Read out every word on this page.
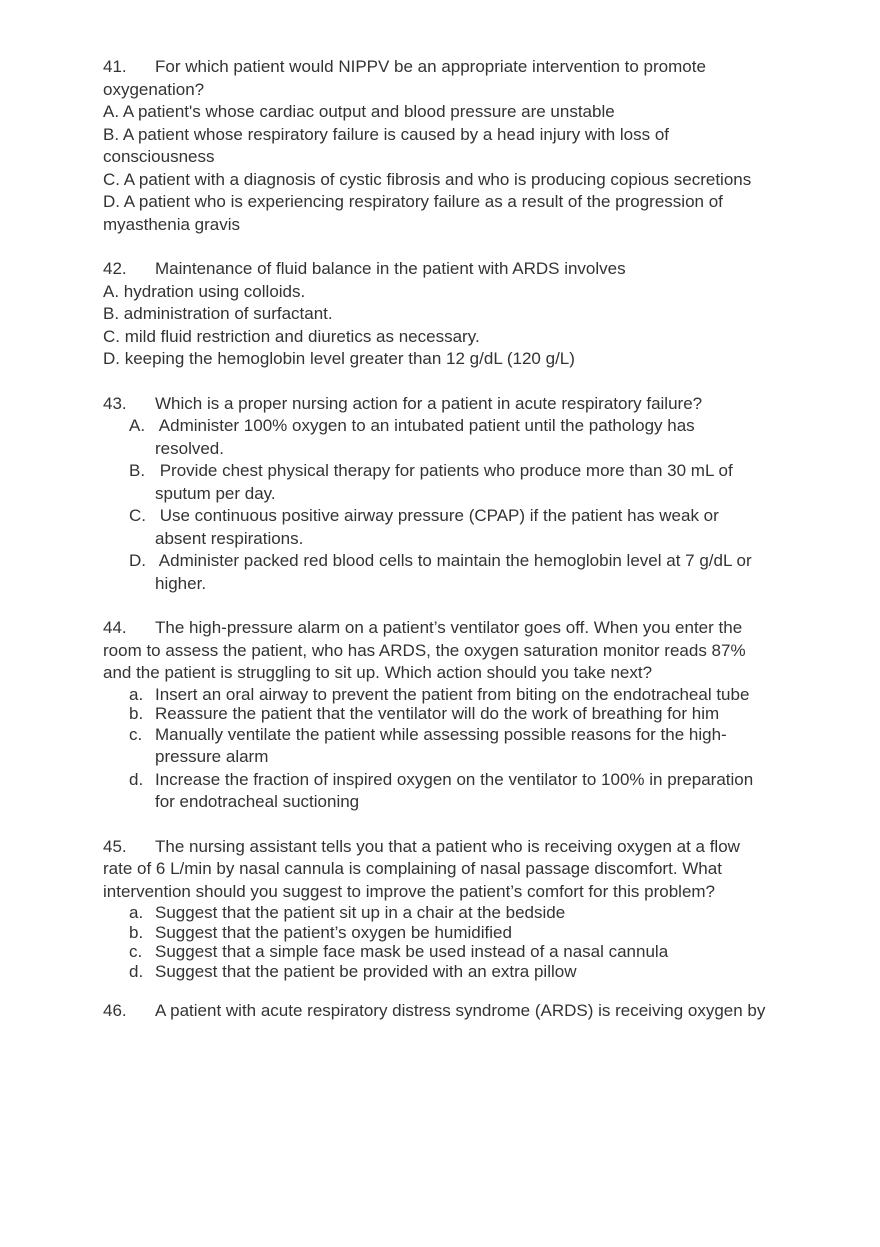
41. For which patient would NIPPV be an appropriate intervention to promote

oxygenation?

A. A patient's whose cardiac output and blood pressure are unstable

B. A patient whose respiratory failure is caused by a head injury with loss of

consciousness

C. A patient with a diagnosis of cystic fibrosis and who is producing copious secretions

D. A patient who is experiencing respiratory failure as a result of the progression of

myasthenia gravis

42. Maintenance of fluid balance in the patient with ARDS involves

A. hydration using colloids.

B. administration of surfactant.

C. mild fluid restriction and diuretics as necessary.

D. keeping the hemoglobin level greater than 12 g/dL (120 g/L)

43. Which is a proper nursing action for a patient in acute respiratory failure?

A. Administer 100% oxygen to an intubated patient until the pathology has
resolved.
B. Provide chest physical therapy for patients who produce more than 30 mL of
sputum per day.
C. Use continuous positive airway pressure (CPAP) if the patient has weak or
absent respirations.
D. Administer packed red blood cells to maintain the hemoglobin level at 7 g/dL or
higher.

44. The high-pressure alarm on a patient’s ventilator goes off. When you enter the

room to assess the patient, who has ARDS, the oxygen saturation monitor reads 87%

and the patient is struggling to sit up. Which action should you take next?

a. Insert an oral airway to prevent the patient from biting on the endotracheal tube
b. Reassure the patient that the ventilator will do the work of breathing for him
c. Manually ventilate the patient while assessing possible reasons for the high-
pressure alarm
d. Increase the fraction of inspired oxygen on the ventilator to 100% in preparation
for endotracheal suctioning

45. The nursing assistant tells you that a patient who is receiving oxygen at a flow

rate of 6 L/min by nasal cannula is complaining of nasal passage discomfort. What

intervention should you suggest to improve the patient’s comfort for this problem?

a. Suggest that the patient sit up in a chair at the bedside
b. Suggest that the patient’s oxygen be humidified
c. Suggest that a simple face mask be used instead of a nasal cannula
d. Suggest that the patient be provided with an extra pillow

46. A patient with acute respiratory distress syndrome (ARDS) is receiving oxygen by
